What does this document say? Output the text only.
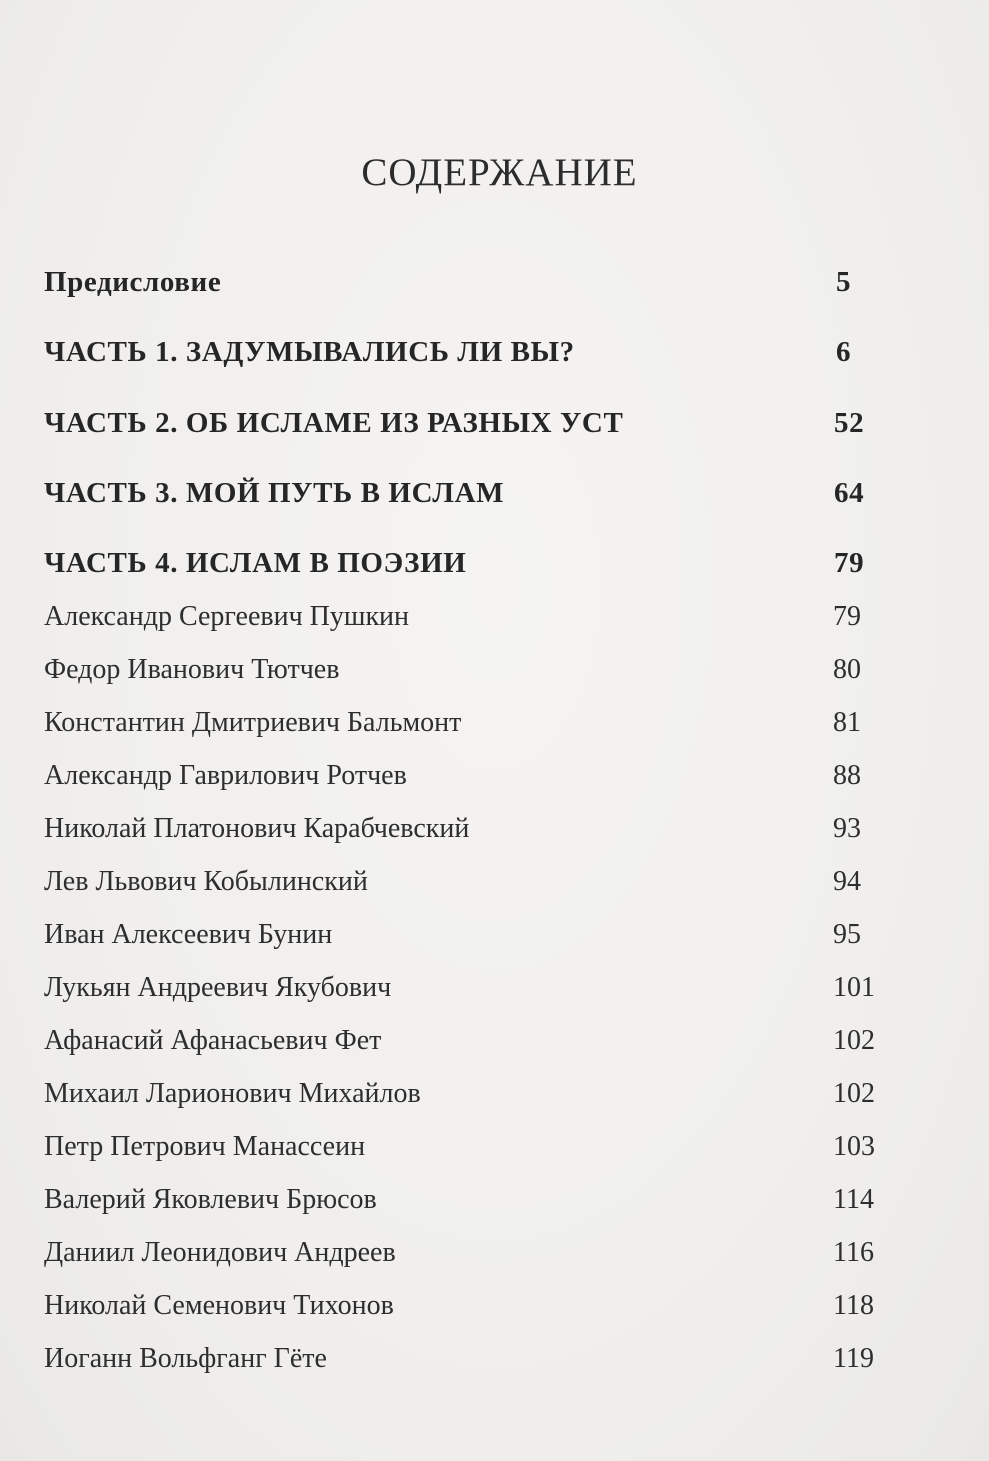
СОДЕРЖАНИЕ
Предисловие	5
ЧАСТЬ 1. ЗАДУМЫВАЛИСЬ ЛИ ВЫ?	6
ЧАСТЬ 2. ОБ ИСЛАМЕ ИЗ РАЗНЫХ УСТ	52
ЧАСТЬ 3. МОЙ ПУТЬ В ИСЛАМ	64
ЧАСТЬ 4. ИСЛАМ В ПОЭЗИИ	79
Александр Сергеевич Пушкин	79
Федор Иванович Тютчев	80
Константин Дмитриевич Бальмонт	81
Александр Гаврилович Ротчев	88
Николай Платонович Карабчевский	93
Лев Львович Кобылинский	94
Иван Алексеевич Бунин	95
Лукьян Андреевич Якубович	101
Афанасий Афанасьевич Фет	102
Михаил Ларионович Михайлов	102
Петр Петрович Манассеин	103
Валерий Яковлевич Брюсов	114
Даниил Леонидович Андреев	116
Николай Семенович Тихонов	118
Иоганн Вольфганг Гёте	119
